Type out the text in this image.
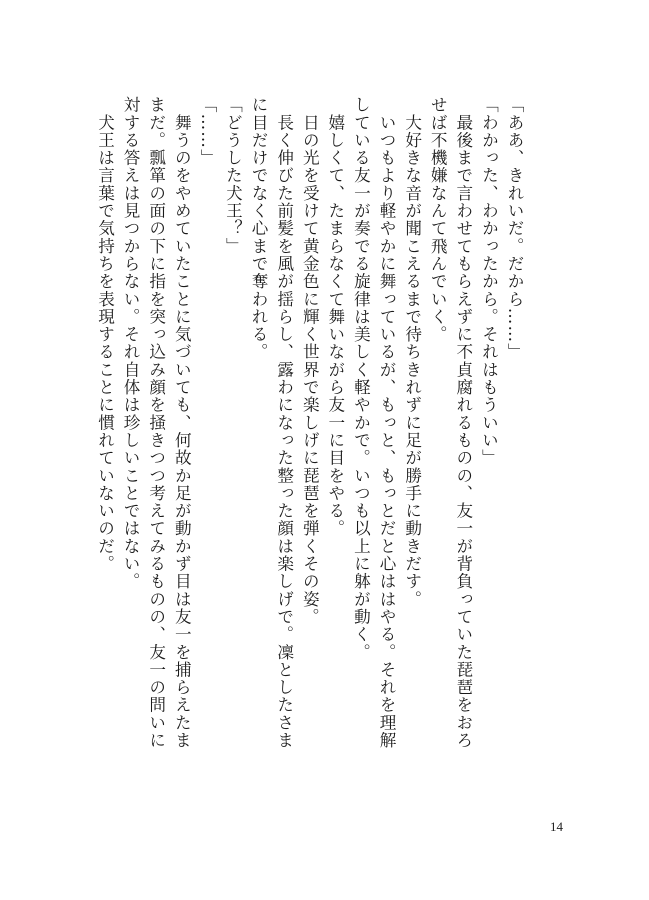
「ああ、きれいだ。だから……」
「わかった、わかったから。それはもういい」
　最後まで言わせてもらえずに不貞腐れるものの、友一が背負っていた琵琶をおろ
せば不機嫌なんて飛んでいく。
　大好きな音が聞こえるまで待ちきれずに足が勝手に動きだす。
　いつもより軽やかに舞っているが、もっと、もっとだと心ははやる。それを理解
している友一が奏でる旋律は美しく軽やかで。いつも以上に躰が動く。
　嬉しくて、たまらなくて舞いながら友一に目をやる。
　日の光を受けて黄金色に輝く世界で楽しげに琵琶を弾くその姿。
　長く伸びた前髪を風が揺らし、露わになった整った顔は楽しげで。凜としたさま
に目だけでなく心まで奪われる。
「どうした犬王？」
「……」
　舞うのをやめていたことに気づいても、何故か足が動かず目は友一を捕らえたま
まだ。瓢箪の面の下に指を突っ込み顔を掻きつつ考えてみるものの、友一の問いに
対する答えは見つからない。それ自体は珍しいことではない。
　犬王は言葉で気持ちを表現することに慣れていないのだ。
14
